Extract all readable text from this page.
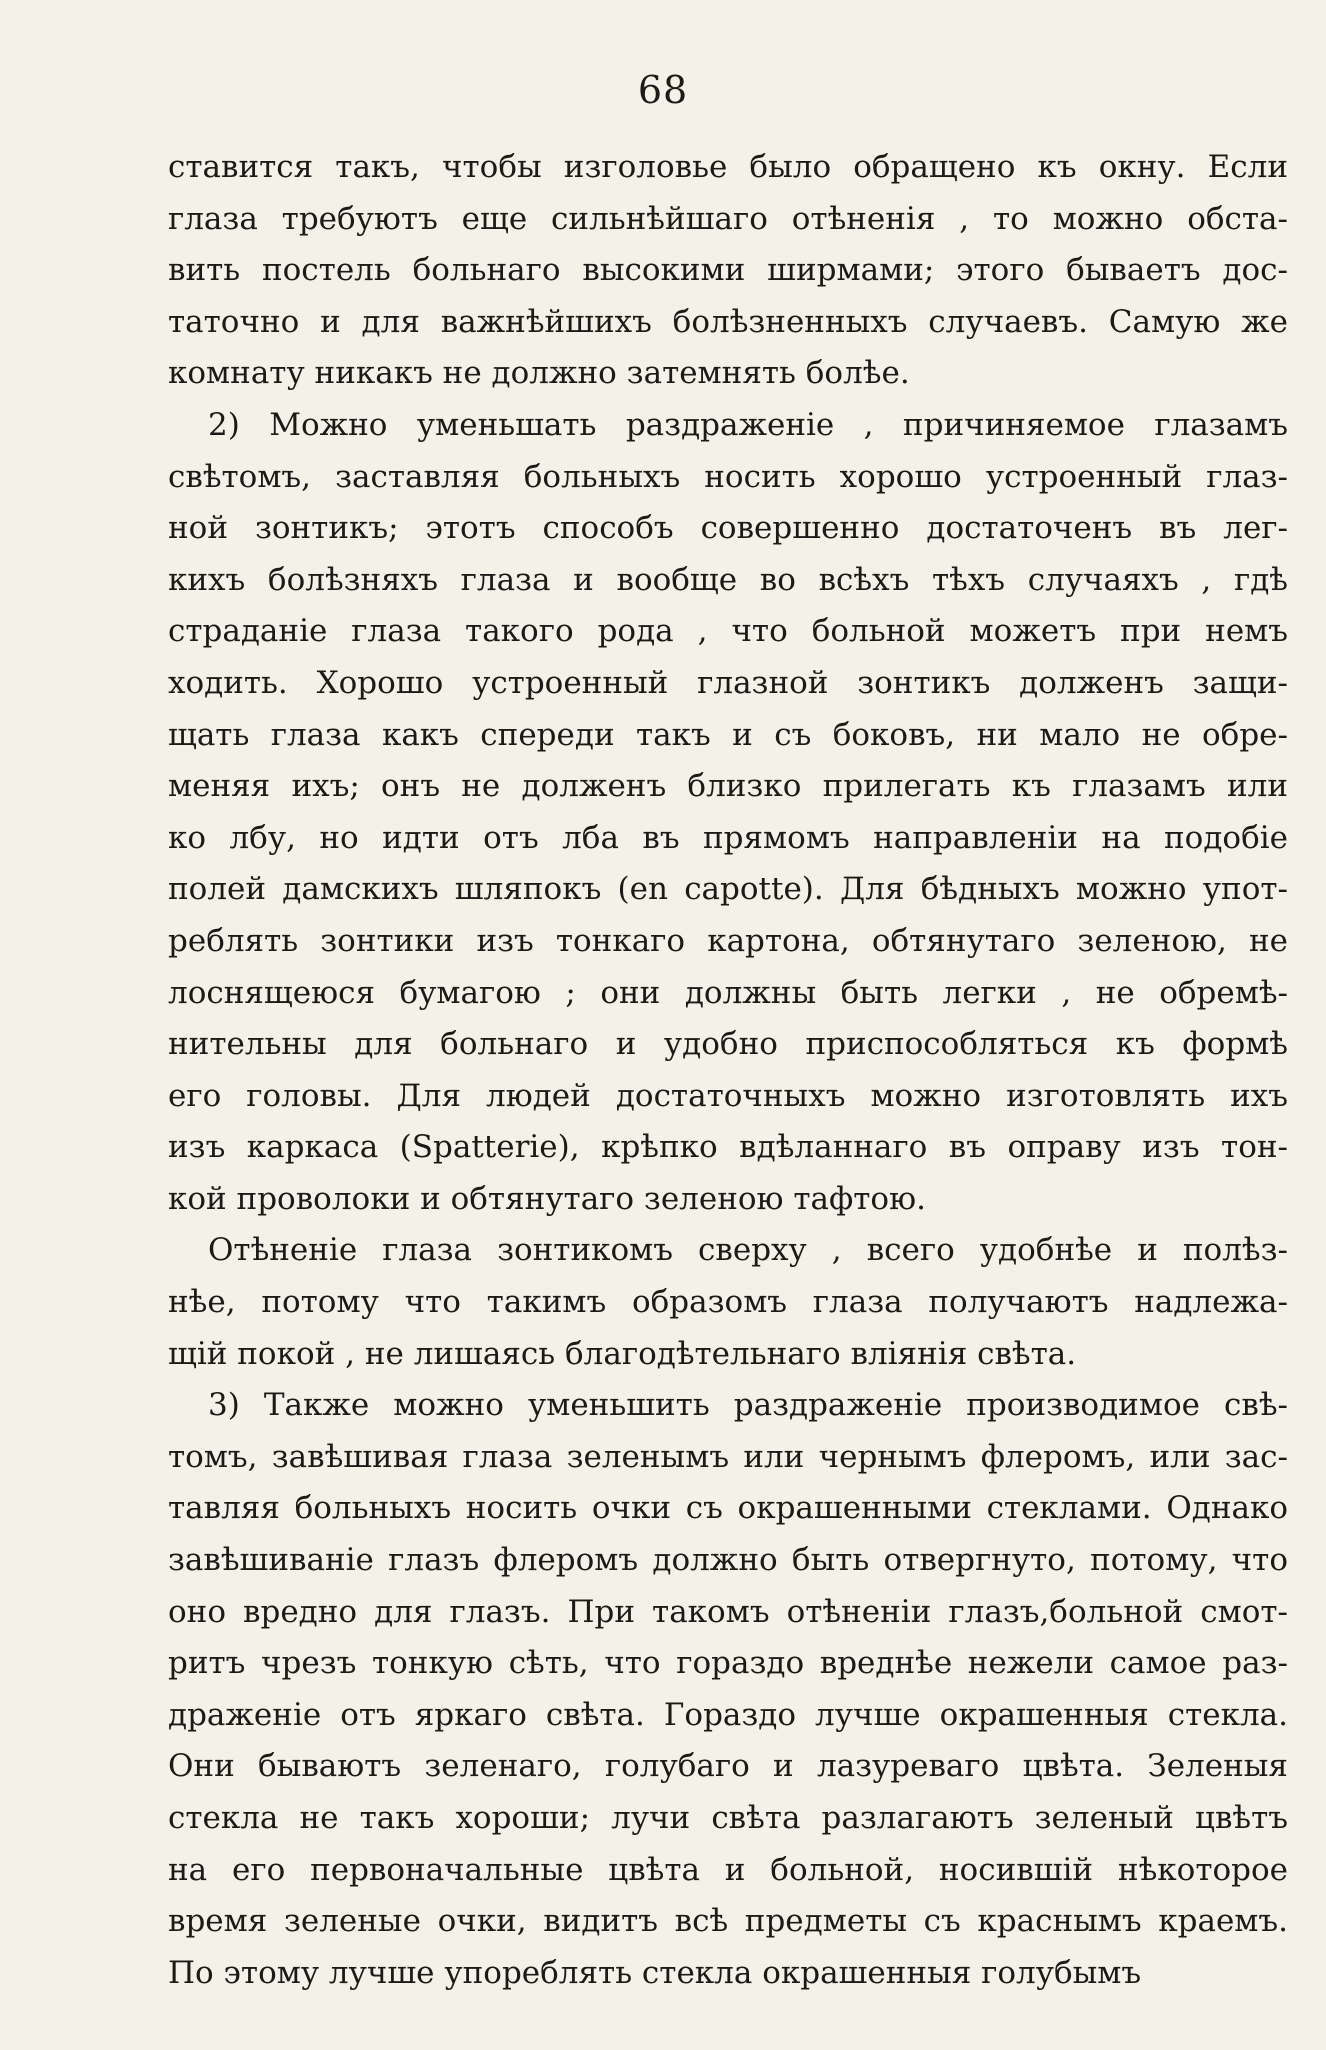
68
ставится такъ, чтобы изголовье было обращено къ окну. Если
глаза требуютъ еще сильнѣйшаго отѣненія , то можно обста-
вить постель больнаго высокими ширмами; этого бываетъ дос-
таточно и для важнѣйшихъ болѣзненныхъ случаевъ. Самую же
комнату никакъ не должно затемнять болѣе.
2) Можно уменьшать раздраженіе , причиняемое глазамъ
свѣтомъ, заставляя больныхъ носить хорошо устроенный глаз-
ной зонтикъ; этотъ способъ совершенно достаточенъ въ лег-
кихъ болѣзняхъ глаза и вообще во всѣхъ тѣхъ случаяхъ , гдѣ
страданіе глаза такого рода , что больной можетъ при немъ
ходить. Хорошо устроенный глазной зонтикъ долженъ защи-
щать глаза какъ спереди такъ и съ боковъ, ни мало не обре-
меняя ихъ; онъ не долженъ близко прилегать къ глазамъ или
ко лбу, но идти отъ лба въ прямомъ направленіи на подобіе
полей дамскихъ шляпокъ (en capotte). Для бѣдныхъ можно упот-
реблять зонтики изъ тонкаго картона, обтянутаго зеленою, не
лоснящеюся бумагою ; они должны быть легки , не обремѣ-
нительны для больнаго и удобно приспособляться къ формѣ
его головы. Для людей достаточныхъ можно изготовлять ихъ
изъ каркаса (Spatterie), крѣпко вдѣланнаго въ оправу изъ тон-
кой проволоки и обтянутаго зеленою тафтою.
Отѣненіе глаза зонтикомъ сверху , всего удобнѣе и полѣз-
нѣе, потому что такимъ образомъ глаза получаютъ надлежа-
щій покой , не лишаясь благодѣтельнаго вліянія свѣта.
3) Также можно уменьшить раздраженіе производимое свѣ-
томъ, завѣшивая глаза зеленымъ или чернымъ флеромъ, или зас-
тавляя больныхъ носить очки съ окрашенными стеклами. Однако
завѣшиваніе глазъ флеромъ должно быть отвергнуто, потому, что
оно вредно для глазъ. При такомъ отѣненіи глазъ,больной смот-
ритъ чрезъ тонкую сѣть, что гораздо вреднѣе нежели самое раз-
драженіе отъ яркаго свѣта. Гораздо лучше окрашенныя стекла.
Они бываютъ зеленаго, голубаго и лазуреваго цвѣта. Зеленыя
стекла не такъ хороши; лучи свѣта разлагаютъ зеленый цвѣтъ
на его первоначальные цвѣта и больной, носившій нѣкоторое
время зеленые очки, видитъ всѣ предметы съ краснымъ краемъ.
По этому лучше упореблять стекла окрашенныя голубымъ
